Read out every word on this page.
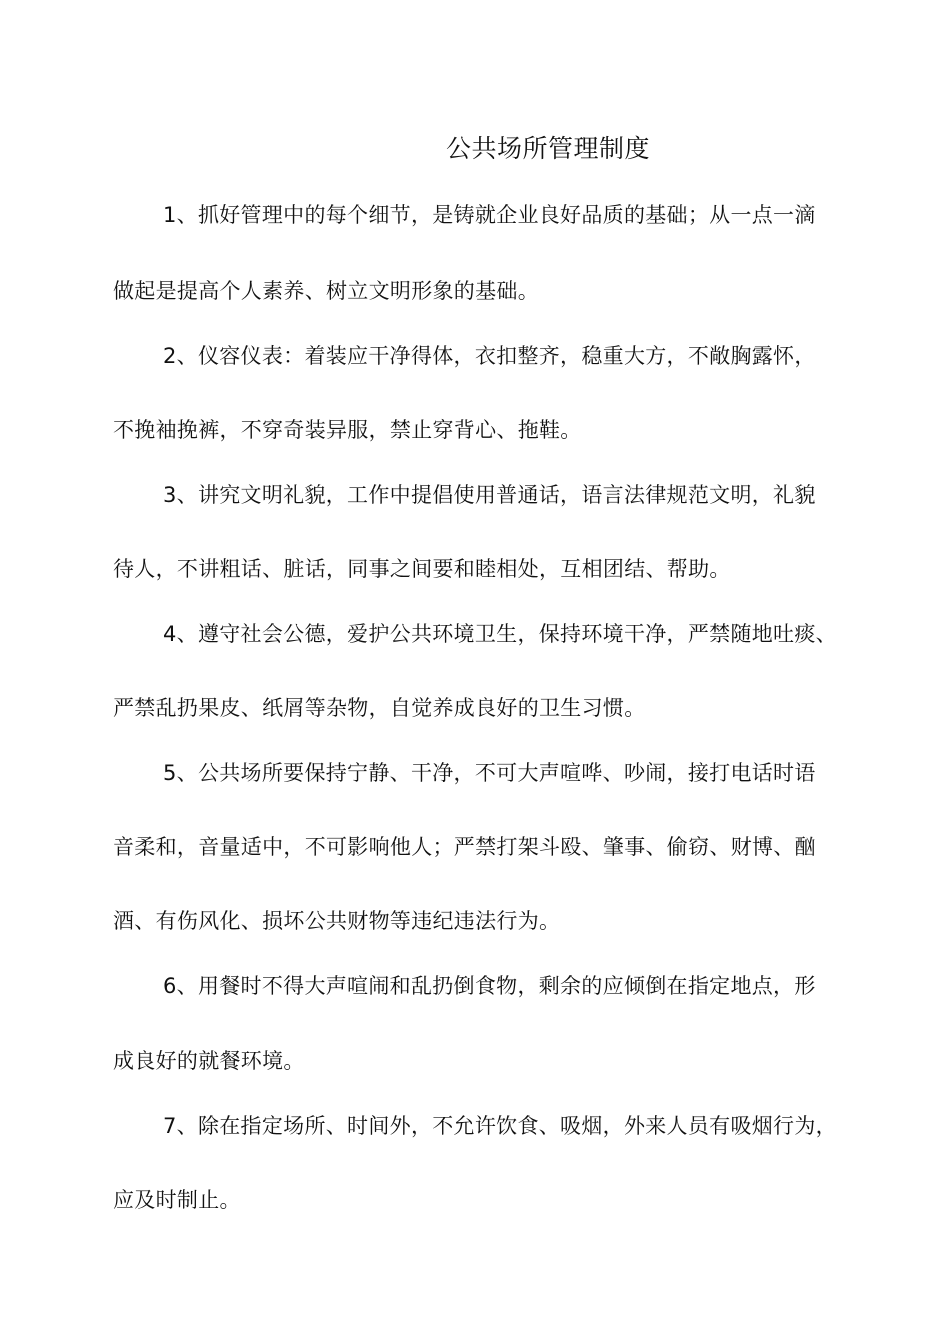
公共场所管理制度
1、抓好管理中的每个细节，是铸就企业良好品质的基础；从一点一滴
做起是提高个人素养、树立文明形象的基础。
2、仪容仪表：着装应干净得体，衣扣整齐，稳重大方，不敞胸露怀，
不挽袖挽裤，不穿奇装异服，禁止穿背心、拖鞋。
3、讲究文明礼貌，工作中提倡使用普通话，语言法律规范文明，礼貌
待人，不讲粗话、脏话，同事之间要和睦相处，互相团结、帮助。
4、遵守社会公德，爱护公共环境卫生，保持环境干净，严禁随地吐痰、
严禁乱扔果皮、纸屑等杂物，自觉养成良好的卫生习惯。
5、公共场所要保持宁静、干净，不可大声喧哗、吵闹，接打电话时语
音柔和，音量适中，不可影响他人；严禁打架斗殴、肇事、偷窃、财博、酗
酒、有伤风化、损坏公共财物等违纪违法行为。
6、用餐时不得大声喧闹和乱扔倒食物，剩余的应倾倒在指定地点，形
成良好的就餐环境。
7、除在指定场所、时间外，不允许饮食、吸烟，外来人员有吸烟行为，
应及时制止。
